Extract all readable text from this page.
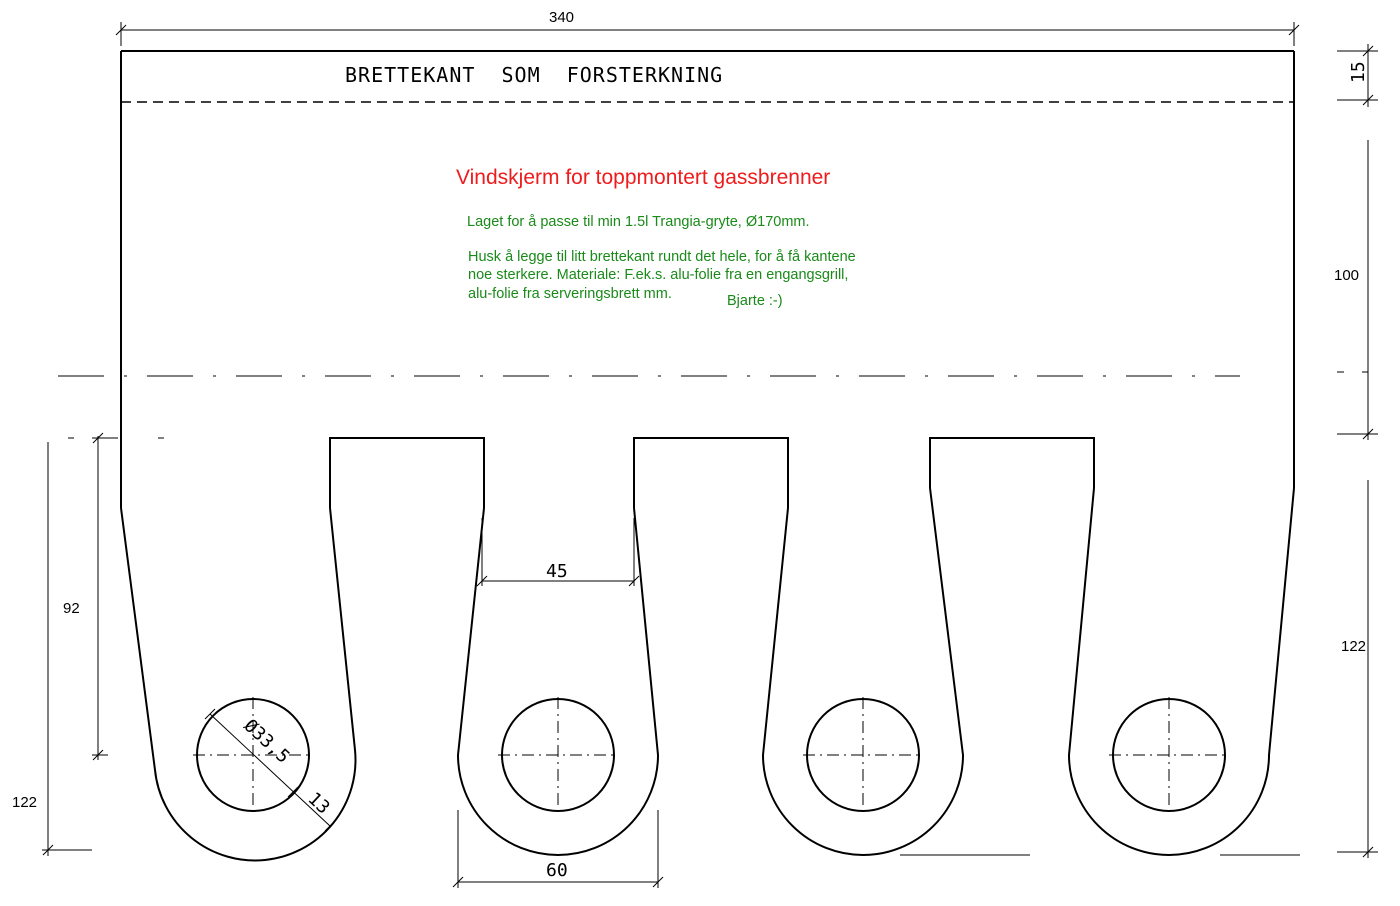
BRETTEKANT  SOM  FORSTERKNING
Vindskjerm for toppmontert gassbrenner
Laget for å passe til min 1.5l Trangia-gryte, Ø170mm.
Husk å legge til litt brettekant rundt det hele, for å få kantene
noe sterkere. Materiale: F.ek.s. alu-folie fra en engangsgrill,
alu-folie fra serveringsbrett mm.	Bjarte :-)
340
15
100
122
92
122
45
60
Ø33,5
13
